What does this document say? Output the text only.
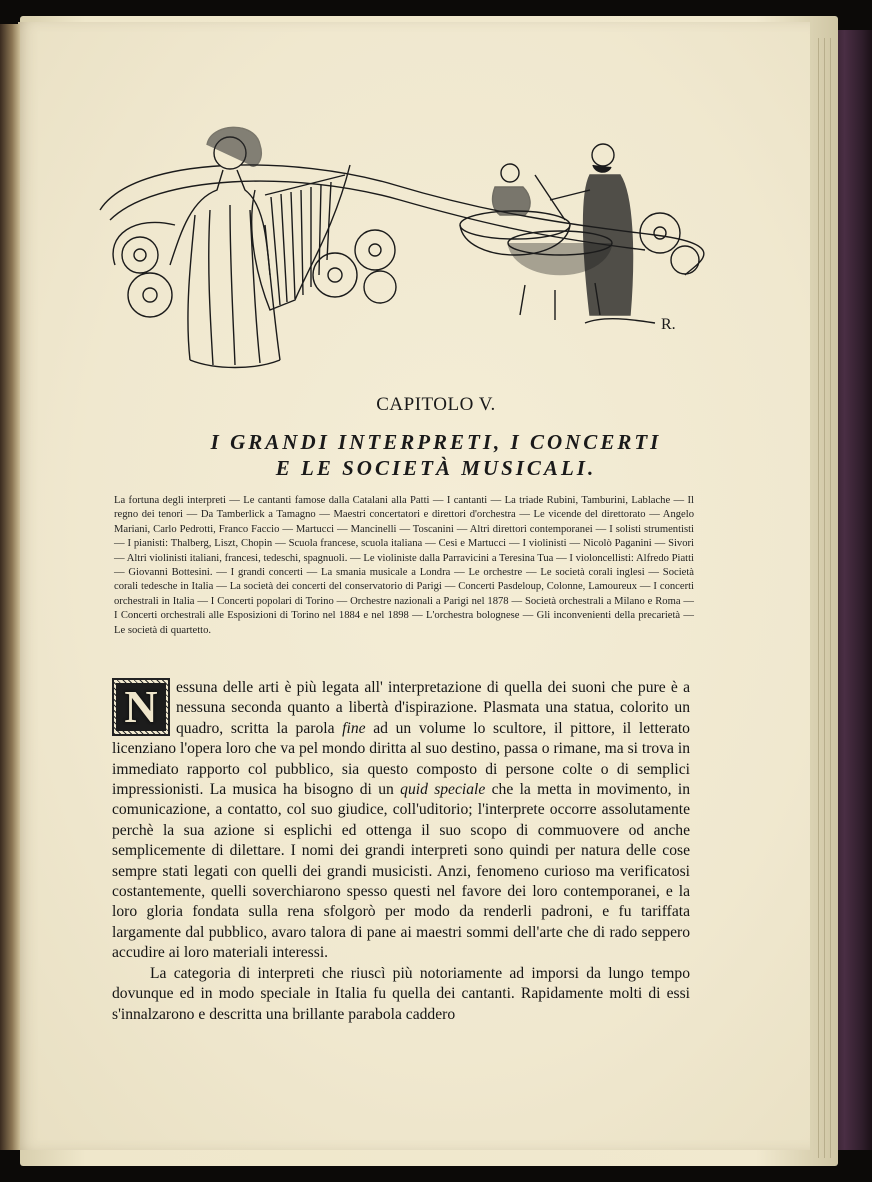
R.
CAPITOLO V.
I GRANDI INTERPRETI, I CONCERTI
E LE SOCIETÀ MUSICALI.

La fortuna degli interpreti — Le cantanti famose dalla Catalani alla Patti — I cantanti — La triade Rubini, Tamburini, Lablache — Il regno dei tenori — Da Tamberlick a Tamagno — Maestri concertatori e direttori d'orchestra — Le vicende del direttorato — Angelo Mariani, Carlo Pedrotti, Franco Faccio — Martucci — Mancinelli — Toscanini — Altri direttori contemporanei — I solisti strumentisti — I pianisti: Thalberg, Liszt, Chopin — Scuola francese, scuola italiana — Cesi e Martucci — I violinisti — Nicolò Paganini — Sivori — Altri violinisti italiani, francesi, tedeschi, spagnuoli. — Le violiniste dalla Parravicini a Teresina Tua — I violoncellisti: Alfredo Piatti — Giovanni Bottesini. — I grandi concerti — La smania musicale a Londra — Le orchestre — Le società corali inglesi — Società corali tedesche in Italia — La società dei concerti del conservatorio di Parigi — Concerti Pasdeloup, Colonne, Lamoureux — I concerti orchestrali in Italia — I Concerti popolari di Torino — Orchestre nazionali a Parigi nel 1878 — Società orchestrali a Milano e Roma — I Concerti orchestrali alle Esposizioni di Torino nel 1884 e nel 1898 — L'orchestra bolognese — Gli inconvenienti della precarietà — Le società di quartetto.

N	essuna delle arti è più legata all' interpretazione di quella dei suoni che pure è a nessuna seconda quanto a libertà d'ispirazione. Plasmata una statua, colorito un quadro, scritta la parola fine ad un volume lo scultore, il pittore, il letterato licenziano l'opera loro che va pel mondo diritta al suo destino, passa o rimane, ma si trova in immediato rapporto col pubblico, sia questo composto di persone colte o di semplici impressionisti. La musica ha bisogno di un quid speciale che la metta in movimento, in comunicazione, a contatto, col suo giudice, coll'uditorio; l'interprete occorre assolutamente perchè la sua azione si esplichi ed ottenga il suo scopo di commuovere od anche semplicemente di dilettare. I nomi dei grandi interpreti sono quindi per natura delle cose sempre stati legati con quelli dei grandi musicisti. Anzi, fenomeno curioso ma verificatosi costantemente, quelli soverchiarono spesso questi nel favore dei loro contemporanei, e la loro gloria fondata sulla rena sfolgorò per modo da renderli padroni, e fu tariffata largamente dal pubblico, avaro talora di pane ai maestri sommi dell'arte che di rado seppero accudire ai loro materiali interessi.

La categoria di interpreti che riuscì più notoriamente ad imporsi da lungo tempo dovunque ed in modo speciale in Italia fu quella dei cantanti. Rapidamente molti di essi s'innalzarono e descritta una brillante parabola caddero
